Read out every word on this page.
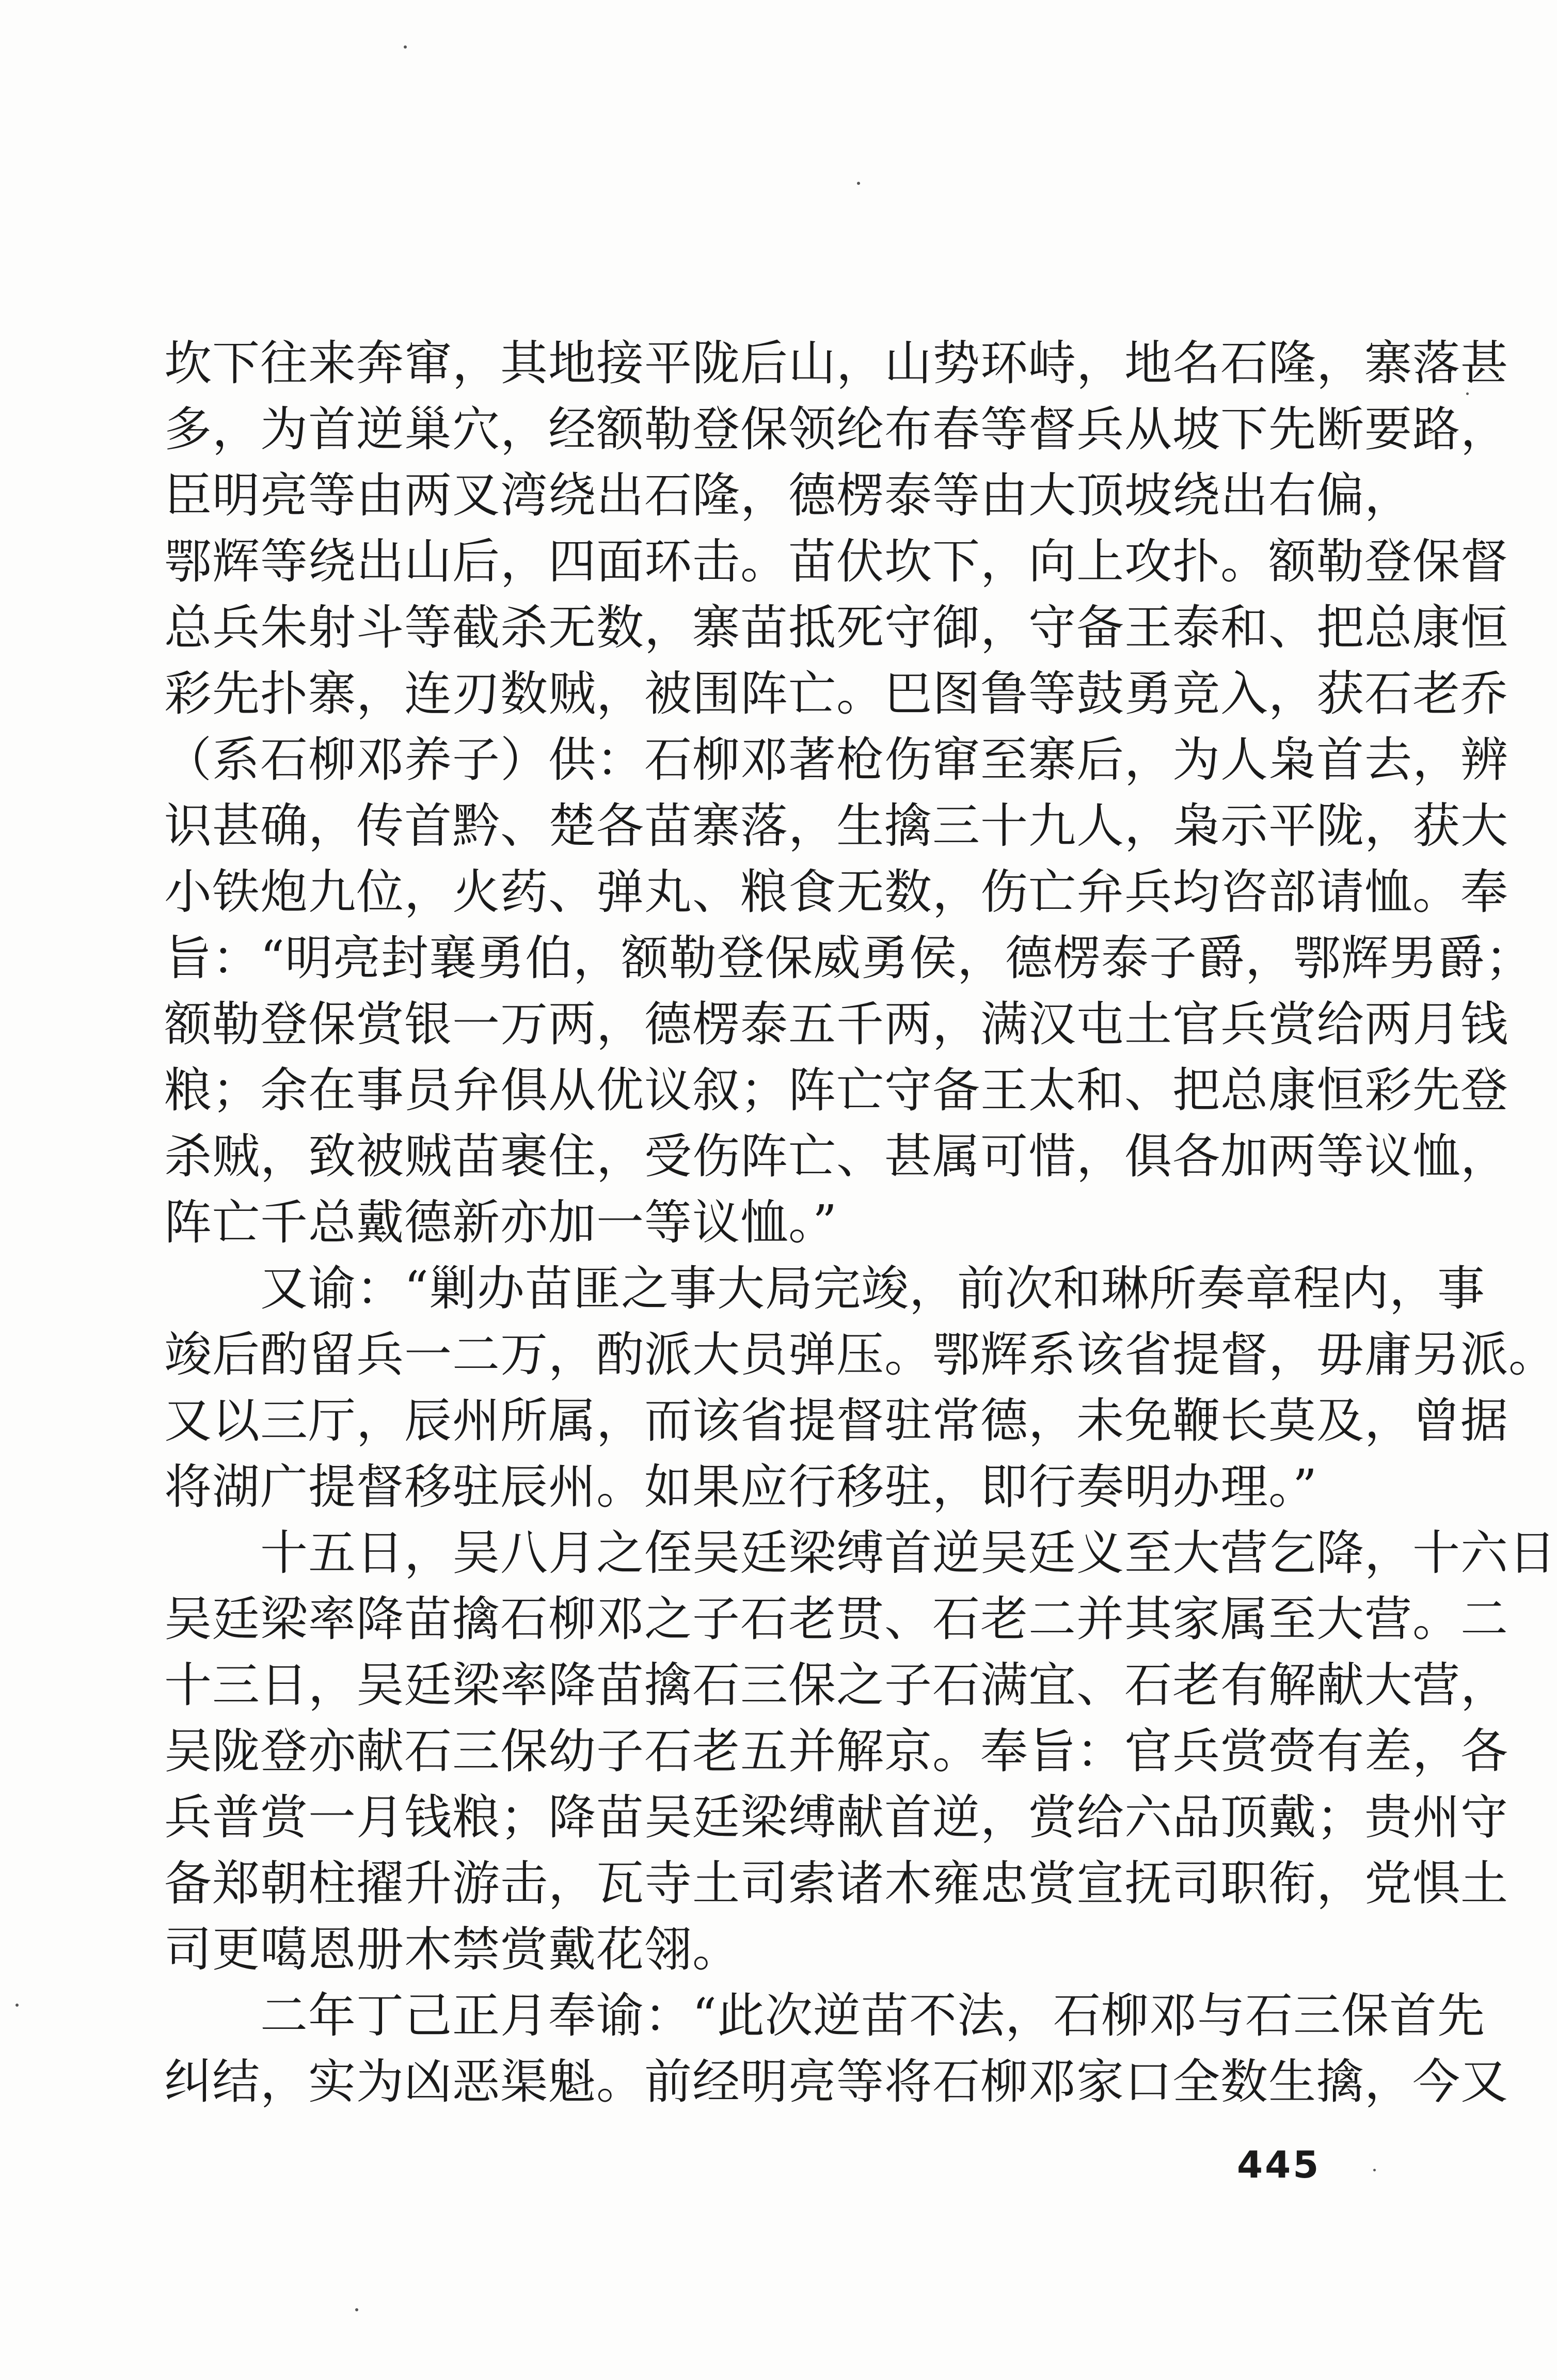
坎下往来奔窜，其地接平陇后山，山势环峙，地名石隆，寨落甚
多，为首逆巢穴，经额勒登保领纶布春等督兵从坡下先断要路，
臣明亮等由两叉湾绕出石隆，德楞泰等由大顶坡绕出右偏，
鄂辉等绕出山后，四面环击。苗伏坎下，向上攻扑。额勒登保督
总兵朱射斗等截杀无数，寨苗抵死守御，守备王泰和、把总康恒
彩先扑寨，连刃数贼，被围阵亡。巴图鲁等鼓勇竞入，获石老乔
（系石柳邓养子）供：石柳邓著枪伤窜至寨后，为人枭首去，辨
识甚确，传首黔、楚各苗寨落，生擒三十九人，枭示平陇，获大
小铁炮九位，火药、弹丸、粮食无数，伤亡弁兵均咨部请恤。奉
旨：“明亮封襄勇伯，额勒登保威勇侯，德楞泰子爵，鄂辉男爵；
额勒登保赏银一万两，德楞泰五千两，满汉屯土官兵赏给两月钱
粮；余在事员弁俱从优议叙；阵亡守备王太和、把总康恒彩先登
杀贼，致被贼苗裹住，受伤阵亡、甚属可惜，俱各加两等议恤，
阵亡千总戴德新亦加一等议恤。”
　　又谕：“剿办苗匪之事大局完竣，前次和琳所奏章程内，事
竣后酌留兵一二万，酌派大员弹压。鄂辉系该省提督，毋庸另派。
又以三厅，辰州所属，而该省提督驻常德，未免鞭长莫及，曾据
将湖广提督移驻辰州。如果应行移驻，即行奏明办理。”
　　十五日，吴八月之侄吴廷梁缚首逆吴廷义至大营乞降，十六日
吴廷梁率降苗擒石柳邓之子石老贯、石老二并其家属至大营。二
十三日，吴廷梁率降苗擒石三保之子石满宜、石老有解献大营，
吴陇登亦献石三保幼子石老五并解京。奉旨：官兵赏赍有差，各
兵普赏一月钱粮；降苗吴廷梁缚献首逆，赏给六品顶戴；贵州守
备郑朝柱擢升游击，瓦寺土司索诸木雍忠赏宣抚司职衔，党惧土
司更噶恩册木禁赏戴花翎。
　　二年丁己正月奉谕：“此次逆苗不法，石柳邓与石三保首先
纠结，实为凶恶渠魁。前经明亮等将石柳邓家口全数生擒，今又
445
